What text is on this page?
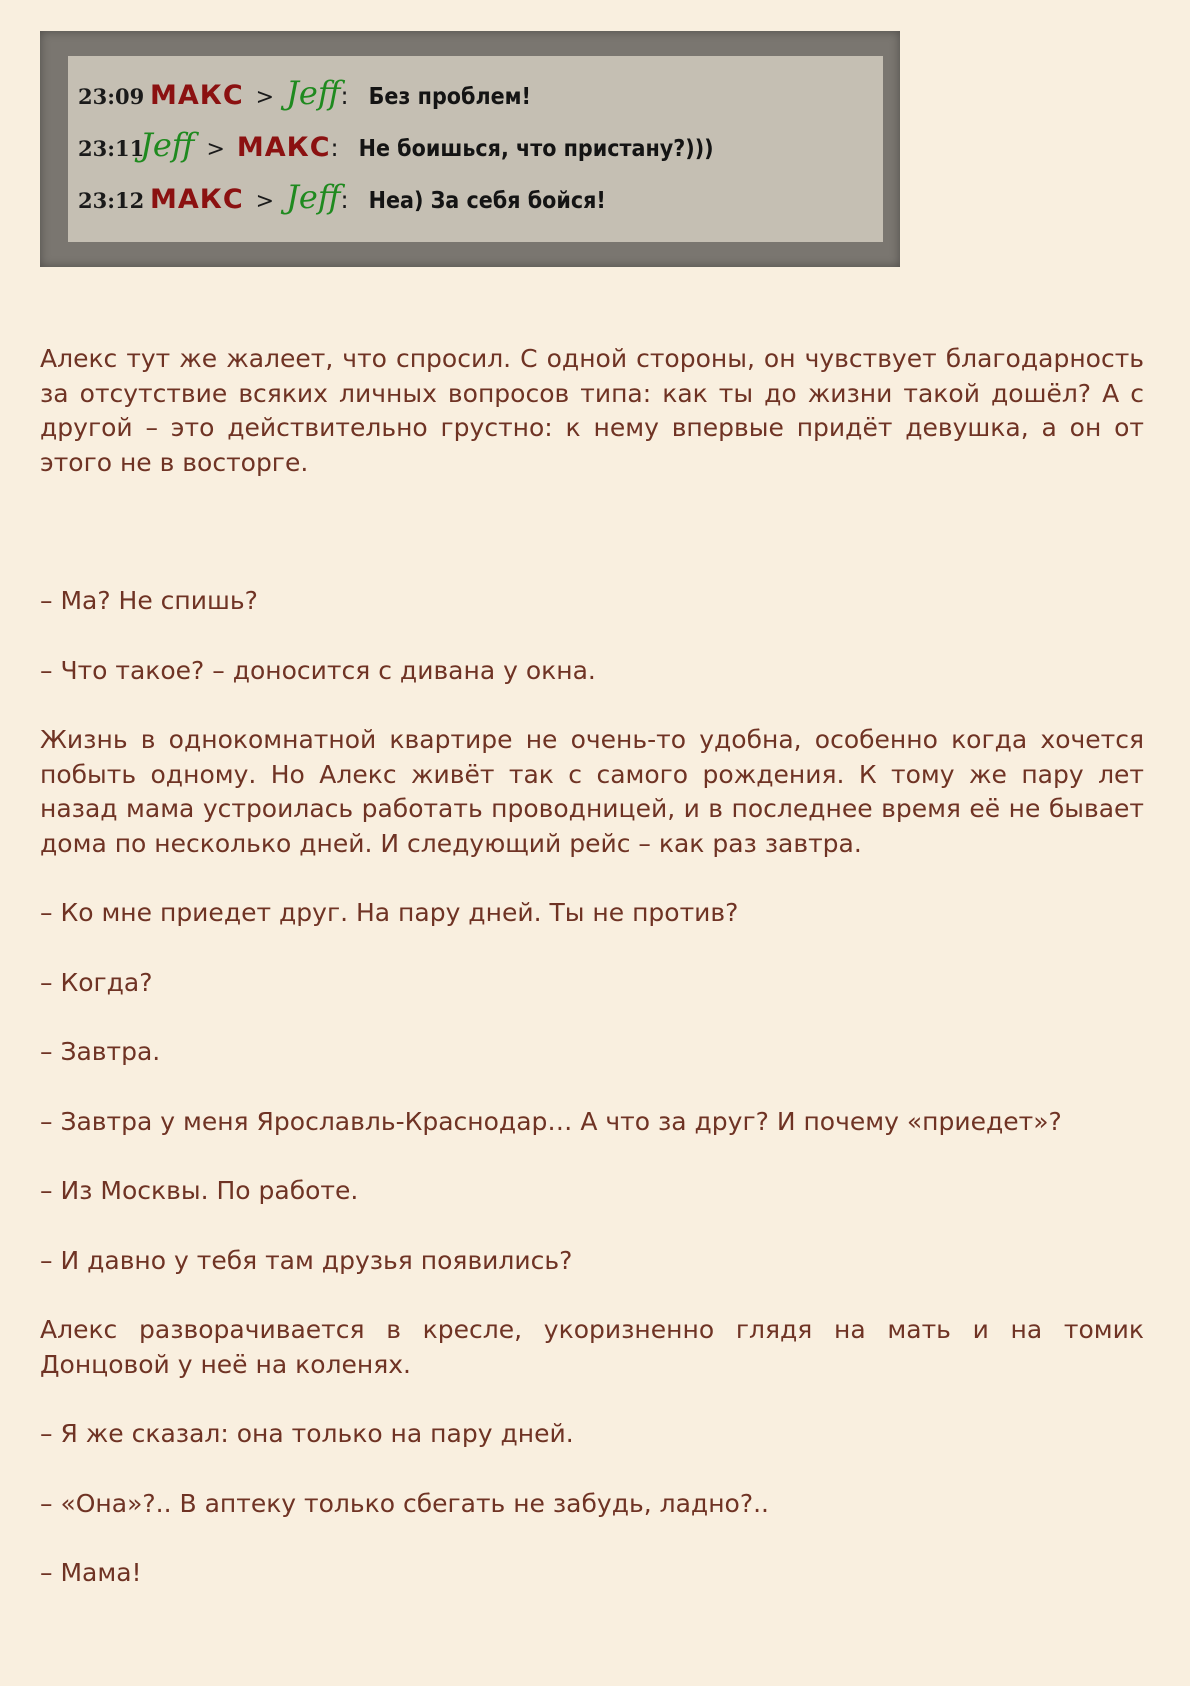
23:09 МАКС > Jeff : Без проблем!
23:11
Jeff > МАКС : Не боишься, что пристану?)))
23:12 МАКС > Jeff : Неа) За себя бойся!

Алекс тут же жалеет, что спросил. С одной стороны, он чувствует благодарность за отсутствие всяких личных вопросов типа: как ты до жизни такой дошёл? А с другой – это действительно грустно: к нему впервые придёт девушка, а он от этого не в восторге.

– Ма? Не спишь?

– Что такое? – доносится с дивана у окна.

Жизнь в однокомнатной квартире не очень-то удобна, особенно когда хочется побыть одному. Но Алекс живёт так с самого рождения. К тому же пару лет назад мама устроилась работать проводницей, и в последнее время её не бывает дома по несколько дней. И следующий рейс – как раз завтра.

– Ко мне приедет друг. На пару дней. Ты не против?

– Когда?

– Завтра.

– Завтра у меня Ярославль-Краснодар… А что за друг? И почему «приедет»?

– Из Москвы. По работе.

– И давно у тебя там друзья появились?

Алекс разворачивается в кресле, укоризненно глядя на мать и на томик Донцовой у неё на коленях.

– Я же сказал: она только на пару дней.

– «Она»?.. В аптеку только сбегать не забудь, ладно?..

– Мама!
